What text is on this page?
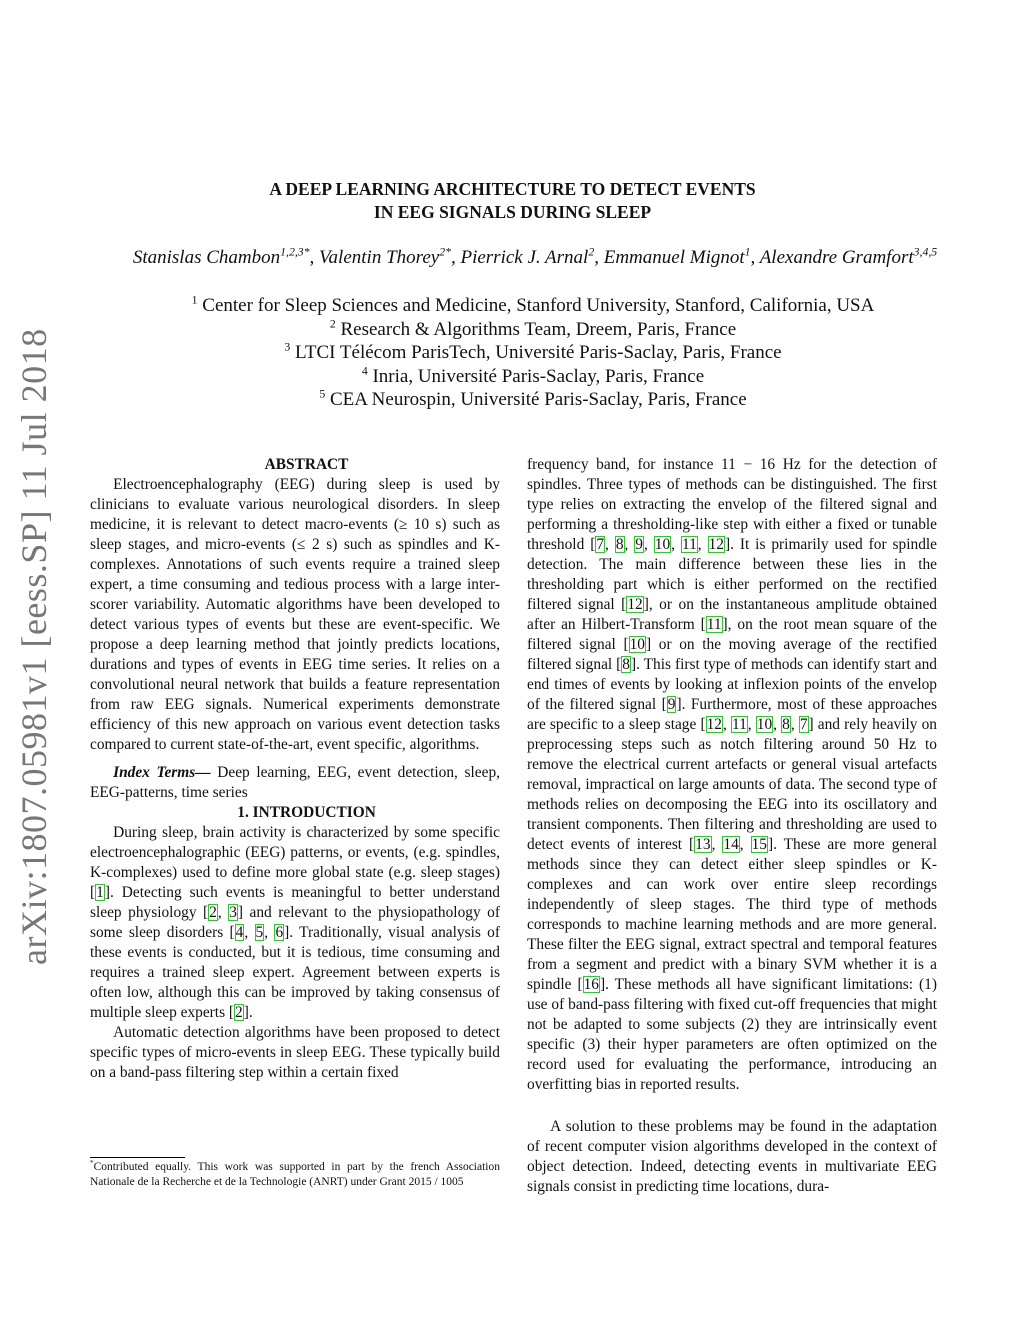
arXiv:1807.05981v1 [eess.SP] 11 Jul 2018
A DEEP LEARNING ARCHITECTURE TO DETECT EVENTS
IN EEG SIGNALS DURING SLEEP
Stanislas Chambon$^{1,2,3*}$, Valentin Thorey$^{2*}$, Pierrick J. Arnal$^2$, Emmanuel Mignot$^1$, Alexandre Gramfort$^{3,4,5}$
$^1$ Center for Sleep Sciences and Medicine, Stanford University, Stanford, California, USA
$^2$ Research & Algorithms Team, Dreem, Paris, France
$^3$ LTCI Télécom ParisTech, Université Paris-Saclay, Paris, France
$^4$ Inria, Université Paris-Saclay, Paris, France
$^5$ CEA Neurospin, Université Paris-Saclay, Paris, France

ABSTRACT

Electroencephalography (EEG) during sleep is used by clinicians to evaluate various neurological disorders. In sleep medicine, it is relevant to detect macro-events (≥ 10 s) such as sleep stages, and micro-events (≤ 2 s) such as spindles and K-complexes. Annotations of such events require a trained sleep expert, a time consuming and tedious process with a large inter-scorer variability. Automatic algorithms have been developed to detect various types of events but these are event-specific. We propose a deep learning method that jointly predicts locations, durations and types of events in EEG time series. It relies on a convolutional neural network that builds a feature representation from raw EEG signals. Numerical experiments demonstrate efficiency of this new approach on various event detection tasks compared to current state-of-the-art, event specific, algorithms.

Index Terms— Deep learning, EEG, event detection, sleep, EEG-patterns, time series

1. INTRODUCTION

During sleep, brain activity is characterized by some specific electroencephalographic (EEG) patterns, or events, (e.g. spindles, K-complexes) used to define more global state (e.g. sleep stages) [1]. Detecting such events is meaningful to better understand sleep physiology [2, 3] and relevant to the physiopathology of some sleep disorders [4, 5, 6]. Traditionally, visual analysis of these events is conducted, but it is tedious, time consuming and requires a trained sleep expert. Agreement between experts is often low, although this can be improved by taking consensus of multiple sleep experts [2].

Automatic detection algorithms have been proposed to detect specific types of micro-events in sleep EEG. These typically build on a band-pass filtering step within a certain fixed

frequency band, for instance 11 − 16 Hz for the detection of spindles. Three types of methods can be distinguished. The first type relies on extracting the envelop of the filtered signal and performing a thresholding-like step with either a fixed or tunable threshold [7, 8, 9, 10, 11, 12]. It is primarily used for spindle detection. The main difference between these lies in the thresholding part which is either performed on the rectified filtered signal [12], or on the instantaneous amplitude obtained after an Hilbert-Transform [11], on the root mean square of the filtered signal [10] or on the moving average of the rectified filtered signal [8]. This first type of methods can identify start and end times of events by looking at inflexion points of the envelop of the filtered signal [9]. Furthermore, most of these approaches are specific to a sleep stage [12, 11, 10, 8, 7] and rely heavily on preprocessing steps such as notch filtering around 50 Hz to remove the electrical current artefacts or general visual artefacts removal, impractical on large amounts of data. The second type of methods relies on decomposing the EEG into its oscillatory and transient components. Then filtering and thresholding are used to detect events of interest [13, 14, 15]. These are more general methods since they can detect either sleep spindles or K-complexes and can work over entire sleep recordings independently of sleep stages. The third type of methods corresponds to machine learning methods and are more general. These filter the EEG signal, extract spectral and temporal features from a segment and predict with a binary SVM whether it is a spindle [16]. These methods all have significant limitations: (1) use of band-pass filtering with fixed cut-off frequencies that might not be adapted to some subjects (2) they are intrinsically event specific (3) their hyper parameters are often optimized on the record used for evaluating the performance, introducing an overfitting bias in reported results.

A solution to these problems may be found in the adaptation of recent computer vision algorithms developed in the context of object detection. Indeed, detecting events in multivariate EEG signals consist in predicting time locations, dura-

*Contributed equally. This work was supported in part by the french Association Nationale de la Recherche et de la Technologie (ANRT) under Grant 2015 / 1005
